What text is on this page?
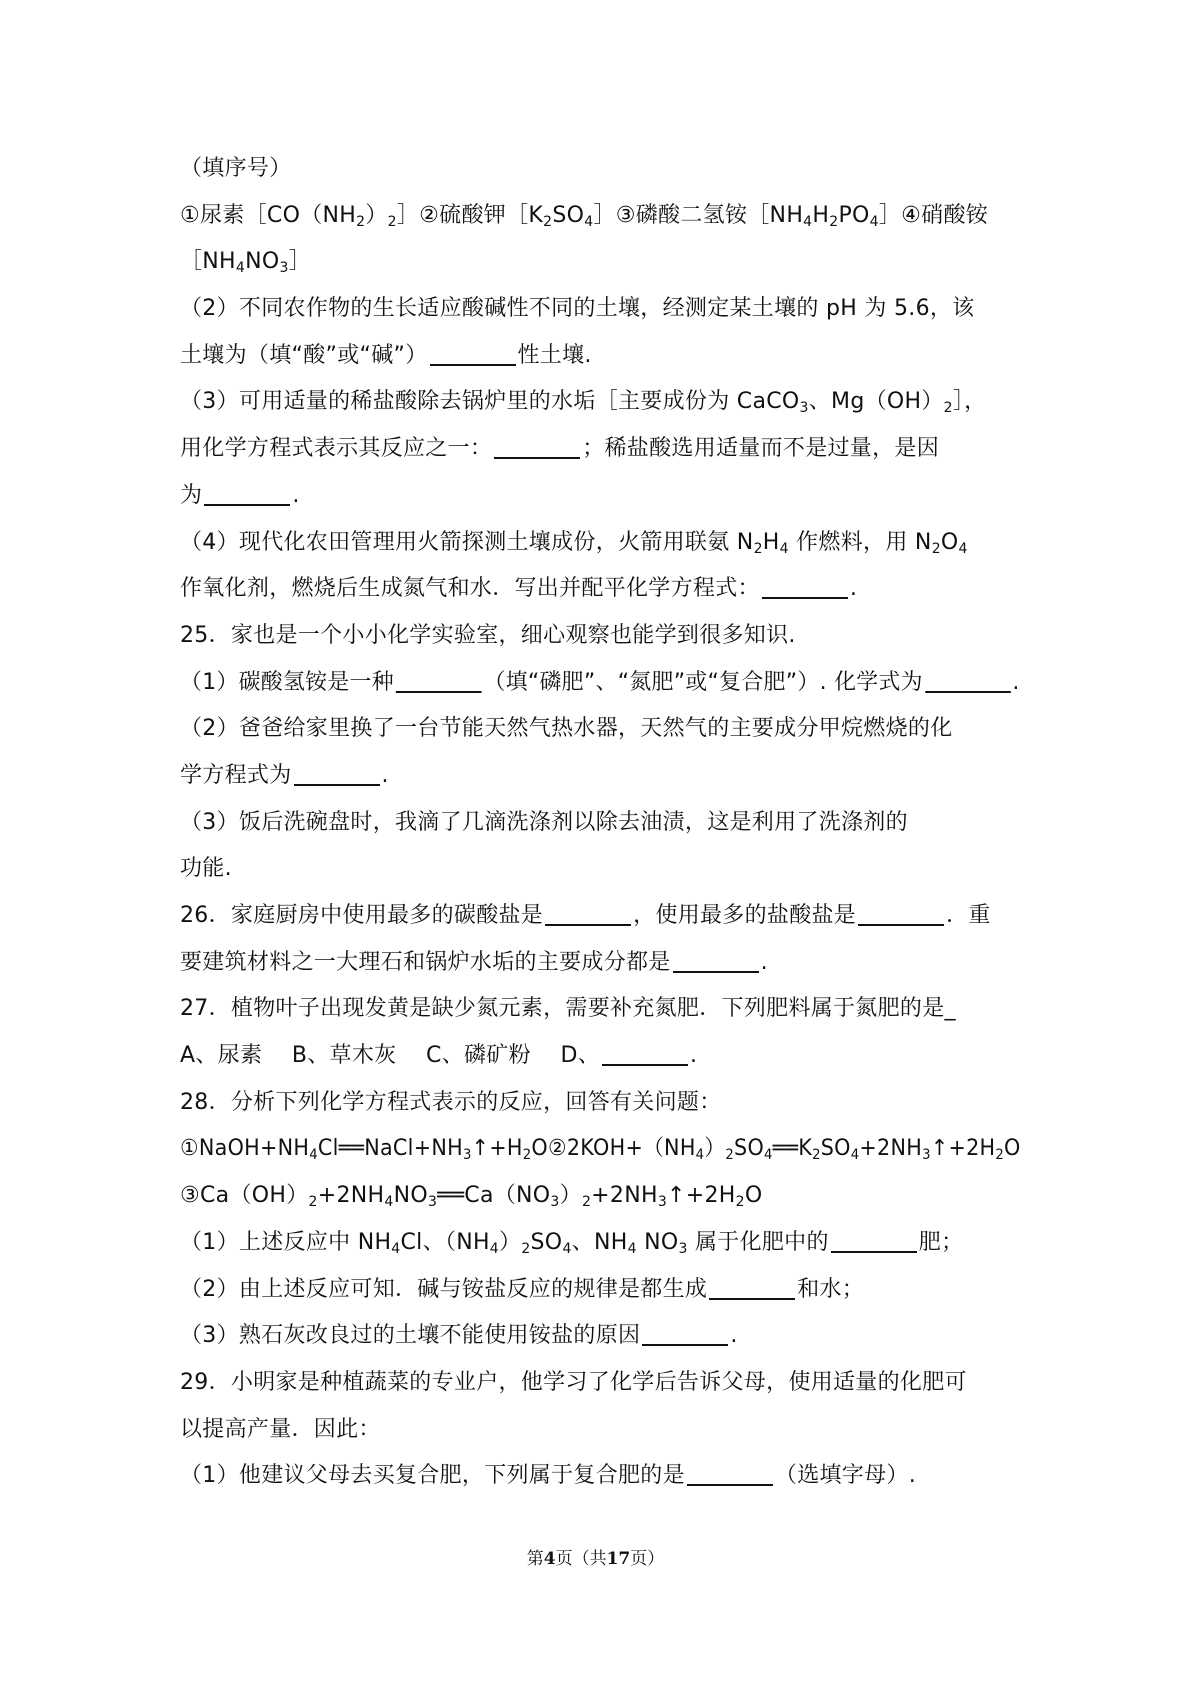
（填序号）
①尿素$[CO(NH_2)_2]②$硫酸钾$[K_2SO_4]③$磷酸二氢铵$[NH_4H_2PO_4]④$硝酸铵
$[NH_4NO_3]$
（2）不同农作物的生长适应酸碱性不同的土壤，经测定某土壤的 pH 为 5.6，该
土壤为（填“酸”或“碱”）	性土壤.
（3）可用适量的稀盐酸除去锅炉里的水垢［主要成份为 CaCO$_3$、$Mg(OH)_2]$，
用化学方程式表示其反应之一：	；稀盐酸选用适量而不是过量，是因
为	.
（4）现代化农田管理用火箭探测土壤成份，火箭用联氨 $N_2H_4$ 作燃料，用 $N_2O_4$
作氧化剂，燃烧后生成氮气和水．写出并配平化学方程式：	.
25．家也是一个小小化学实验室，细心观察也能学到很多知识.
（1）碳酸氢铵是一种	（填“磷肥”、“氮肥”或“复合肥”）. 化学式为	.
（2）爸爸给家里换了一台节能天然气热水器，天然气的主要成分甲烷燃烧的化
学方程式为	.
（3）饭后洗碗盘时，我滴了几滴洗涤剂以除去油渍，这是利用了洗涤剂的
功能.
26．家庭厨房中使用最多的碳酸盐是	，使用最多的盐酸盐是	．重
要建筑材料之一大理石和锅炉水垢的主要成分都是	.
27．植物叶子出现发黄是缺少氮元素，需要补充氮肥．下列肥料属于氮肥的是_
A、尿素　 B、草木灰　 C、磷矿粉　 D、	.
28．分析下列化学方程式表示的反应，回答有关问题：
$①NaOH+NH_4Cl══NaCl+NH_3↑+H_2O②2KOH+(NH_4)_2SO_4══K_2SO_4+2NH_3↑+2H_2O$
$③Ca(OH)_2+2NH_4NO_3══Ca(NO_3)_2+2NH_3↑+2H_2O$
（1）上述反应中 $NH_4Cl$、$(NH_4)_2SO_4$、$NH_4$ $NO_3$ 属于化肥中的	肥；
（2）由上述反应可知．碱与铵盐反应的规律是都生成	和水；
（3）熟石灰改良过的土壤不能使用铵盐的原因	.
29．小明家是种植蔬菜的专业户，他学习了化学后告诉父母，使用适量的化肥可
以提高产量．因此：
（1）他建议父母去买复合肥，下列属于复合肥的是	（选填字母）.
第4页（共17页）
